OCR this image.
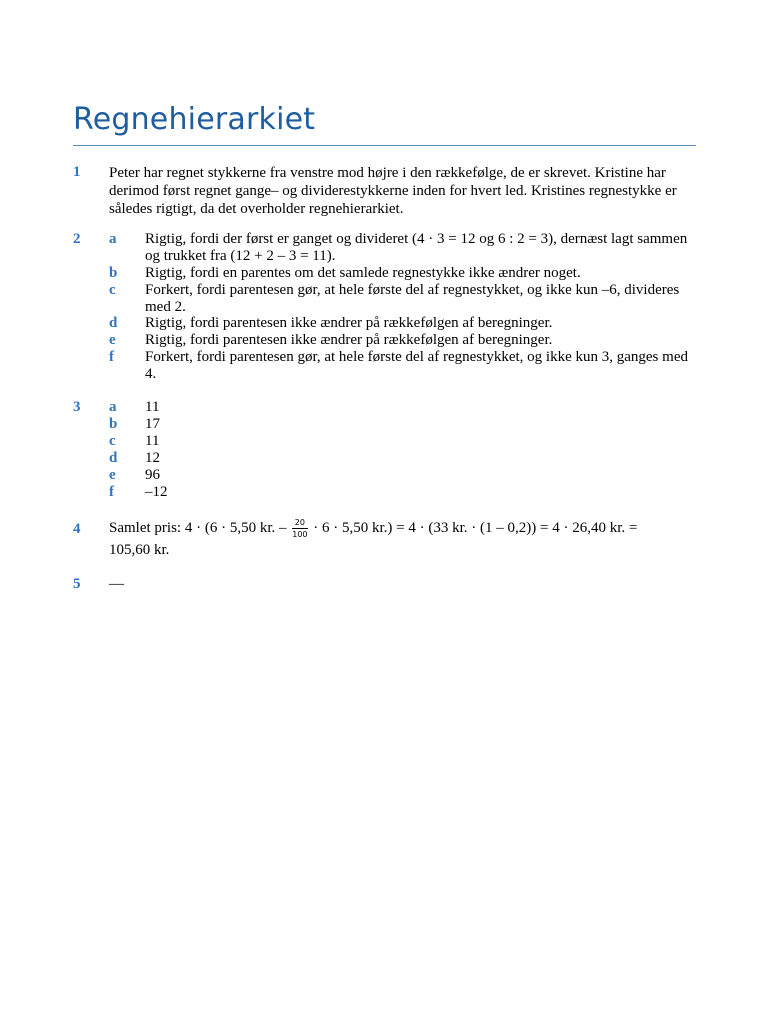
Regnehierarkiet
1 Peter har regnet stykkerne fra venstre mod højre i den rækkefølge, de er skrevet. Kristine har derimod først regnet gange– og dividerestykkerne inden for hvert led. Kristines regnestykke er således rigtigt, da det overholder regnehierarkiet.
2 a Rigtig, fordi der først er ganget og divideret (4 · 3 = 12 og 6 : 2 = 3), dernæst lagt sammen og trukket fra (12 + 2 – 3 = 11).
b Rigtig, fordi en parentes om det samlede regnestykke ikke ændrer noget.
c Forkert, fordi parentesen gør, at hele første del af regnestykket, og ikke kun –6, divideres med 2.
d Rigtig, fordi parentesen ikke ændrer på rækkefølgen af beregninger.
e Rigtig, fordi parentesen ikke ændrer på rækkefølgen af beregninger.
f Forkert, fordi parentesen gør, at hele første del af regnestykket, og ikke kun 3, ganges med 4.
3 a 11
b 17
c 11
d 12
e 96
f –12
4 Samlet pris: 4 · (6 · 5,50 kr. – $\frac{20}{100} \cdot 6 \cdot 5,50$ kr.) = 4 · (33 kr. · (1 – 0,2)) = 4 · 26,40 kr. =
105,60 kr.
5 —
